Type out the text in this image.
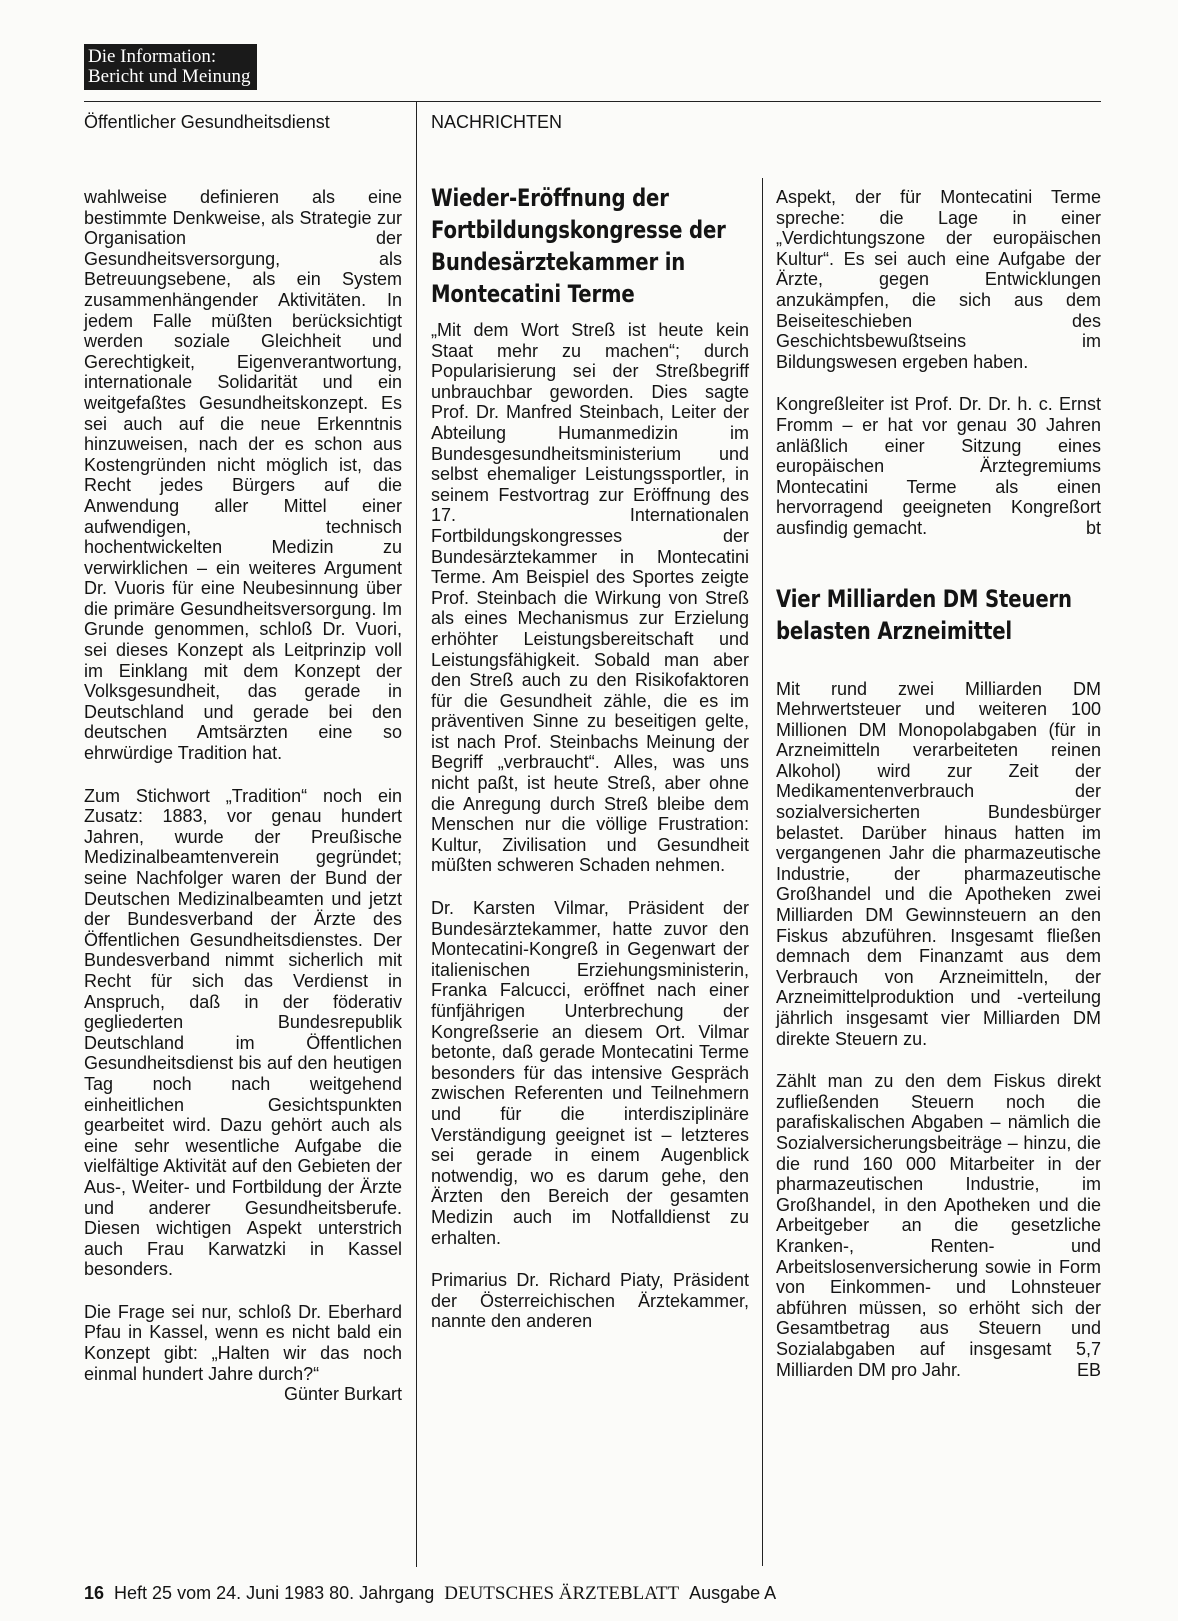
Die Information:
Bericht und Meinung
Öffentlicher Gesundheitsdienst	NACHRICHTEN

wahlweise definieren als eine bestimmte Denkweise, als Strategie zur Organisation der Gesundheitsversorgung, als Betreuungsebene, als ein System zusammenhängender Aktivitäten. In jedem Falle müßten berücksichtigt werden soziale Gleichheit und Gerechtigkeit, Eigenverantwortung, internationale Solidarität und ein weitgefaßtes Gesundheitskonzept. Es sei auch auf die neue Erkenntnis hinzuweisen, nach der es schon aus Kostengründen nicht möglich ist, das Recht jedes Bürgers auf die Anwendung aller Mittel einer aufwendigen, technisch hochentwickelten Medizin zu verwirklichen – ein weiteres Argument Dr. Vuoris für eine Neubesinnung über die primäre Gesundheitsversorgung. Im Grunde genommen, schloß Dr. Vuori, sei dieses Konzept als Leitprinzip voll im Einklang mit dem Konzept der Volksgesundheit, das gerade in Deutschland und gerade bei den deutschen Amtsärzten eine so ehrwürdige Tradition hat.

Zum Stichwort „Tradition“ noch ein Zusatz: 1883, vor genau hundert Jahren, wurde der Preußische Medizinalbeamtenverein gegründet; seine Nachfolger waren der Bund der Deutschen Medizinalbeamten und jetzt der Bundesverband der Ärzte des Öffentlichen Gesundheitsdienstes. Der Bundesverband nimmt sicherlich mit Recht für sich das Verdienst in Anspruch, daß in der föderativ gegliederten Bundesrepublik Deutschland im Öffentlichen Gesundheitsdienst bis auf den heutigen Tag noch nach weitgehend einheitlichen Gesichtspunkten gearbeitet wird. Dazu gehört auch als eine sehr wesentliche Aufgabe die vielfältige Aktivität auf den Gebieten der Aus-, Weiter- und Fortbildung der Ärzte und anderer Gesundheitsberufe. Diesen wichtigen Aspekt unterstrich auch Frau Karwatzki in Kassel besonders.

Die Frage sei nur, schloß Dr. Eberhard Pfau in Kassel, wenn es nicht bald ein Konzept gibt: „Halten wir das noch einmal hundert Jahre durch?“
Günter Burkart

Wieder-Eröffnung der Fortbildungskongresse der Bundesärztekammer in Montecatini Terme

„Mit dem Wort Streß ist heute kein Staat mehr zu machen“; durch Popularisierung sei der Streßbegriff unbrauchbar geworden. Dies sagte Prof. Dr. Manfred Steinbach, Leiter der Abteilung Humanmedizin im Bundesgesundheitsministerium und selbst ehemaliger Leistungssportler, in seinem Festvortrag zur Eröffnung des 17. Internationalen Fortbildungskongresses der Bundesärztekammer in Montecatini Terme. Am Beispiel des Sportes zeigte Prof. Steinbach die Wirkung von Streß als eines Mechanismus zur Erzielung erhöhter Leistungsbereitschaft und Leistungsfähigkeit. Sobald man aber den Streß auch zu den Risikofaktoren für die Gesundheit zähle, die es im präventiven Sinne zu beseitigen gelte, ist nach Prof. Steinbachs Meinung der Begriff „verbraucht“. Alles, was uns nicht paßt, ist heute Streß, aber ohne die Anregung durch Streß bleibe dem Menschen nur die völlige Frustration: Kultur, Zivilisation und Gesundheit müßten schweren Schaden nehmen.

Dr. Karsten Vilmar, Präsident der Bundesärztekammer, hatte zuvor den Montecatini-Kongreß in Gegenwart der italienischen Erziehungsministerin, Franka Falcucci, eröffnet nach einer fünfjährigen Unterbrechung der Kongreßserie an diesem Ort. Vilmar betonte, daß gerade Montecatini Terme besonders für das intensive Gespräch zwischen Referenten und Teilnehmern und für die interdisziplinäre Verständigung geeignet ist – letzteres sei gerade in einem Augenblick notwendig, wo es darum gehe, den Ärzten den Bereich der gesamten Medizin auch im Notfalldienst zu erhalten.

Primarius Dr. Richard Piaty, Präsident der Österreichischen Ärztekammer, nannte den anderen

Aspekt, der für Montecatini Terme spreche: die Lage in einer „Verdichtungszone der europäischen Kultur“. Es sei auch eine Aufgabe der Ärzte, gegen Entwicklungen anzukämpfen, die sich aus dem Beiseiteschieben des Geschichtsbewußtseins im Bildungswesen ergeben haben.

Kongreßleiter ist Prof. Dr. Dr. h. c. Ernst Fromm – er hat vor genau 30 Jahren anläßlich einer Sitzung eines europäischen Ärztegremiums Montecatini Terme als einen hervorragend geeigneten Kongreßort ausfindig gemacht.	bt

Vier Milliarden DM Steuern belasten Arzneimittel

Mit rund zwei Milliarden DM Mehrwertsteuer und weiteren 100 Millionen DM Monopolabgaben (für in Arzneimitteln verarbeiteten reinen Alkohol) wird zur Zeit der Medikamentenverbrauch der sozialversicherten Bundesbürger belastet. Darüber hinaus hatten im vergangenen Jahr die pharmazeutische Industrie, der pharmazeutische Großhandel und die Apotheken zwei Milliarden DM Gewinnsteuern an den Fiskus abzuführen. Insgesamt fließen demnach dem Finanzamt aus dem Verbrauch von Arzneimitteln, der Arzneimittelproduktion und -verteilung jährlich insgesamt vier Milliarden DM direkte Steuern zu.

Zählt man zu den dem Fiskus direkt zufließenden Steuern noch die parafiskalischen Abgaben – nämlich die Sozialversicherungsbeiträge – hinzu, die die rund 160 000 Mitarbeiter in der pharmazeutischen Industrie, im Großhandel, in den Apotheken und die Arbeitgeber an die gesetzliche Kranken-, Renten- und Arbeitslosenversicherung sowie in Form von Einkommen- und Lohnsteuer abführen müssen, so erhöht sich der Gesamtbetrag aus Steuern und Sozialabgaben auf insgesamt 5,7 Milliarden DM pro Jahr.	EB

16 Heft 25 vom 24. Juni 1983 80. Jahrgang DEUTSCHES ÄRZTEBLATT Ausgabe A
